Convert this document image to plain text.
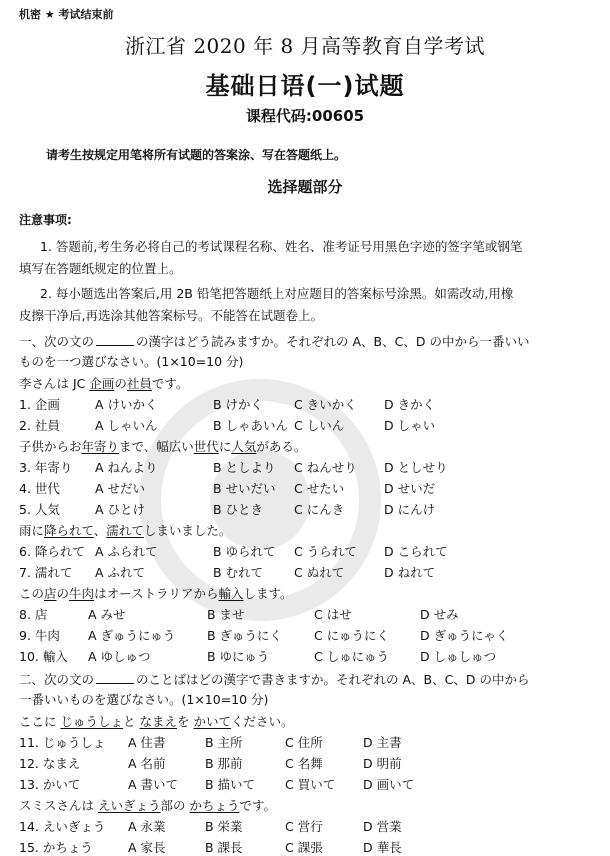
机密 ★ 考试结束前
浙江省 2020 年 8 月高等教育自学考试
基础日语(一)试题
课程代码:00605
请考生按规定用笔将所有试题的答案涂、写在答题纸上。
选择题部分
注意事项:
1. 答题前,考生务必将自己的考试课程名称、姓名、准考证号用黑色字迹的签字笔或钢笔
填写在答题纸规定的位置上。
2. 每小题选出答案后,用 2B 铅笔把答题纸上对应题目的答案标号涂黑。如需改动,用橡
皮擦干净后,再选涂其他答案标号。不能答在试题卷上。
一、次の文の	の漢字はどう読みますか。それぞれの A、B、C、D の中から一番いい
ものを一つ選びなさい。(1×10=10 分)
李さんは JC 企画の社員です。
子供からお年寄りまで、幅広い世代に人気がある。
雨に降られて、濡れてしまいました。
この店の牛肉はオーストラリアから輸入します。
二、次の文の	のことばはどの漢字で書きますか。それぞれの A、B、C、D の中から
一番いいものを選びなさい。(1×10=10 分)
ここに じゅうしょと なまえを かいてください。
スミスさんは えいぎょう部の かちょうです。
1. 企画	A けいかく	B けかく C きいかく D きかく
2. 社員	A しゃいん	B しゃあいん C しいん	D しゃい
3. 年寄り A ねんより	B としより C ねんせり D としせり
4. 世代	A せだい	B せいだい C せたい	D せいだ
5. 人気	A ひとけ	B ひとき C にんき	D にんけ
6. 降られて A ふられて	B ゆられて C うられて D こられて
7. 濡れて A ふれて	B むれて C ぬれて	D ねれて
8. 店	A みせ	B ませ	C はせ	D せみ
9. 牛肉 A ぎゅうにゅう	B ぎゅうにく	C にゅうにく D ぎゅうにゃく
10. 輸入 A ゆしゅつ	B ゆにゅう	C しゅにゅう D しゅしゅつ
11. じゅうしょ A 住書	B 主所	C 住所	D 主書
12. なまえ	A 名前	B 那前	C 名舞	D 明前
13. かいて	A 書いて B 描いて C 買いて D 画いて
14. えいぎょう A 永業	B 栄業	C 営行	D 営業
15. かちょう	A 家長	B 課長	C 課張	D 華長
